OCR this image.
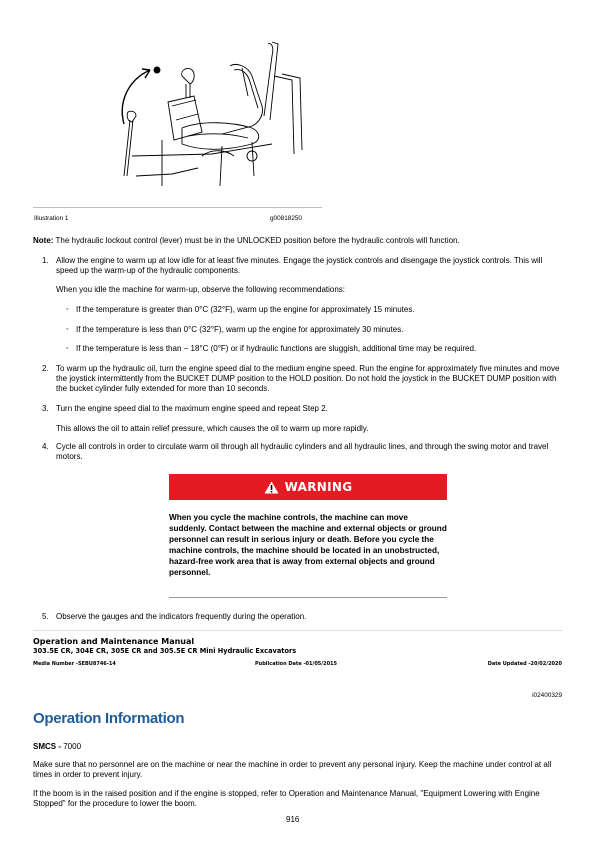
Illustration 1	g00818250

Note: The hydraulic lockout control (lever) must be in the UNLOCKED position before the hydraulic controls will function.

1. Allow the engine to warm up at low idle for at least five minutes. Engage the joystick controls and disengage the joystick controls. This will speed up the warm-up of the hydraulic components.

When you idle the machine for warm-up, observe the following recommendations:

◦ If the temperature is greater than 0°C (32°F), warm up the engine for approximately 15 minutes.
◦ If the temperature is less than 0°C (32°F), warm up the engine for approximately 30 minutes.
◦ If the temperature is less than − 18°C (0°F) or if hydraulic functions are sluggish, additional time may be required.
2. To warm up the hydraulic oil, turn the engine speed dial to the medium engine speed. Run the engine for approximately five minutes and move the joystick intermittently from the BUCKET DUMP position to the HOLD position. Do not hold the joystick in the BUCKET DUMP position with the bucket cylinder fully extended for more than 10 seconds.

3. Turn the engine speed dial to the maximum engine speed and repeat Step 2.

This allows the oil to attain relief pressure, which causes the oil to warm up more rapidly.

4. Cycle all controls in order to circulate warm oil through all hydraulic cylinders and all hydraulic lines, and through the swing motor and travel motors.

WARNING

When you cycle the machine controls, the machine can move suddenly. Contact between the machine and external objects or ground personnel can result in serious injury or death. Before you cycle the machine controls, the machine should be located in an unobstructed, hazard-free work area that is away from external objects and ground personnel.

5. Observe the gauges and the indicators frequently during the operation.

Operation and Maintenance Manual
303.5E CR, 304E CR, 305E CR and 305.5E CR Mini Hydraulic Excavators
Media Number -SEBU8746-14	Publication Date -01/05/2015	Date Updated -20/02/2020
i02400329
Operation Information

SMCS - 7000

Make sure that no personnel are on the machine or near the machine in order to prevent any personal injury. Keep the machine under control at all times in order to prevent injury.

If the boom is in the raised position and if the engine is stopped, refer to Operation and Maintenance Manual, "Equipment Lowering with Engine Stopped" for the procedure to lower the boom.

916
